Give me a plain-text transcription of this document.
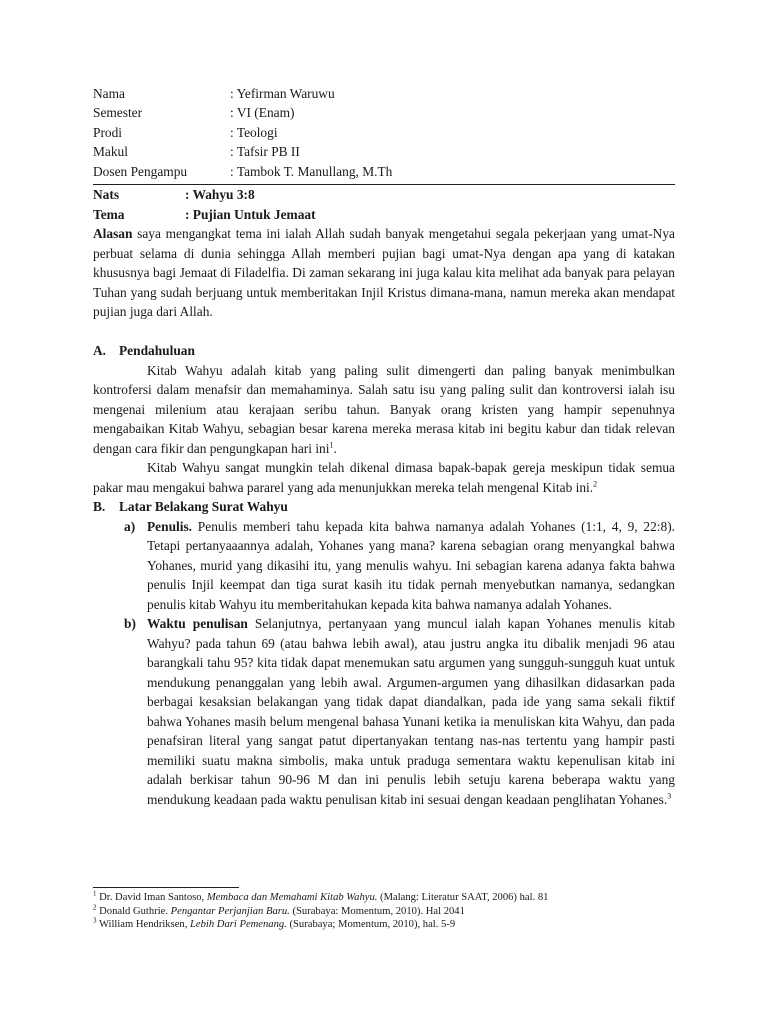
Nama	: Yefirman Waruwu
Semester	: VI (Enam)
Prodi	: Teologi
Makul	: Tafsir PB II
Dosen Pengampu	: Tambok T. Manullang, M.Th
Nats	: Wahyu 3:8
Tema	: Pujian Untuk Jemaat

Alasan saya mengangkat tema ini ialah Allah sudah banyak mengetahui segala pekerjaan yang umat-Nya perbuat selama di dunia sehingga Allah memberi pujian bagi umat-Nya dengan apa yang di katakan khususnya bagi Jemaat di Filadelfia. Di zaman sekarang ini juga kalau kita melihat ada banyak para pelayan Tuhan yang sudah berjuang untuk memberitakan Injil Kristus dimana-mana, namun mereka akan mendapat pujian juga dari Allah.

A. Pendahuluan

Kitab Wahyu adalah kitab yang paling sulit dimengerti dan paling banyak menimbulkan kontrofersi dalam menafsir dan memahaminya. Salah satu isu yang paling sulit dan kontroversi ialah isu mengenai milenium atau kerajaan seribu tahun. Banyak orang kristen yang hampir sepenuhnya mengabaikan Kitab Wahyu, sebagian besar karena mereka merasa kitab ini begitu kabur dan tidak relevan dengan cara fikir dan pengungkapan hari ini$^1$.

Kitab Wahyu sangat mungkin telah dikenal dimasa bapak-bapak gereja meskipun tidak semua pakar mau mengakui bahwa pararel yang ada menunjukkan mereka telah mengenal Kitab ini.$^2$

B. Latar Belakang Surat Wahyu
a) Penulis. Penulis memberi tahu kepada kita bahwa namanya adalah Yohanes (1:1, 4, 9, 22:8). Tetapi pertanyaaannya adalah, Yohanes yang mana? karena sebagian orang menyangkal bahwa Yohanes, murid yang dikasihi itu, yang menulis wahyu. Ini sebagian karena adanya fakta bahwa penulis Injil keempat dan tiga surat kasih itu tidak pernah menyebutkan namanya, sedangkan penulis kitab Wahyu itu memberitahukan kepada kita bahwa namanya adalah Yohanes.
b) Waktu penulisan Selanjutnya, pertanyaan yang muncul ialah kapan Yohanes menulis kitab Wahyu? pada tahun 69 (atau bahwa lebih awal), atau justru angka itu dibalik menjadi 96 atau barangkali tahu 95? kita tidak dapat menemukan satu argumen yang sungguh-sungguh kuat untuk mendukung penanggalan yang lebih awal. Argumen-argumen yang dihasilkan didasarkan pada berbagai kesaksian belakangan yang tidak dapat diandalkan, pada ide yang sama sekali fiktif bahwa Yohanes masih belum mengenal bahasa Yunani ketika ia menuliskan kita Wahyu, dan pada penafsiran literal yang sangat patut dipertanyakan tentang nas-nas tertentu yang hampir pasti memiliki suatu makna simbolis, maka untuk praduga sementara waktu kepenulisan kitab ini adalah berkisar tahun 90-96 M dan ini penulis lebih setuju karena beberapa waktu yang mendukung keadaan pada waktu penulisan kitab ini sesuai dengan keadaan penglihatan Yohanes.$^3$
$^1$ Dr. David Iman Santoso, Membaca dan Memahami Kitab Wahyu. (Malang: Literatur SAAT, 2006) hal. 81
$^2$ Donald Guthrie. Pengantar Perjanjian Baru. (Surabaya: Momentum, 2010). Hal 2041
$^3$ William Hendriksen, Lebih Dari Pemenang. (Surabaya; Momentum, 2010), hal. 5-9
